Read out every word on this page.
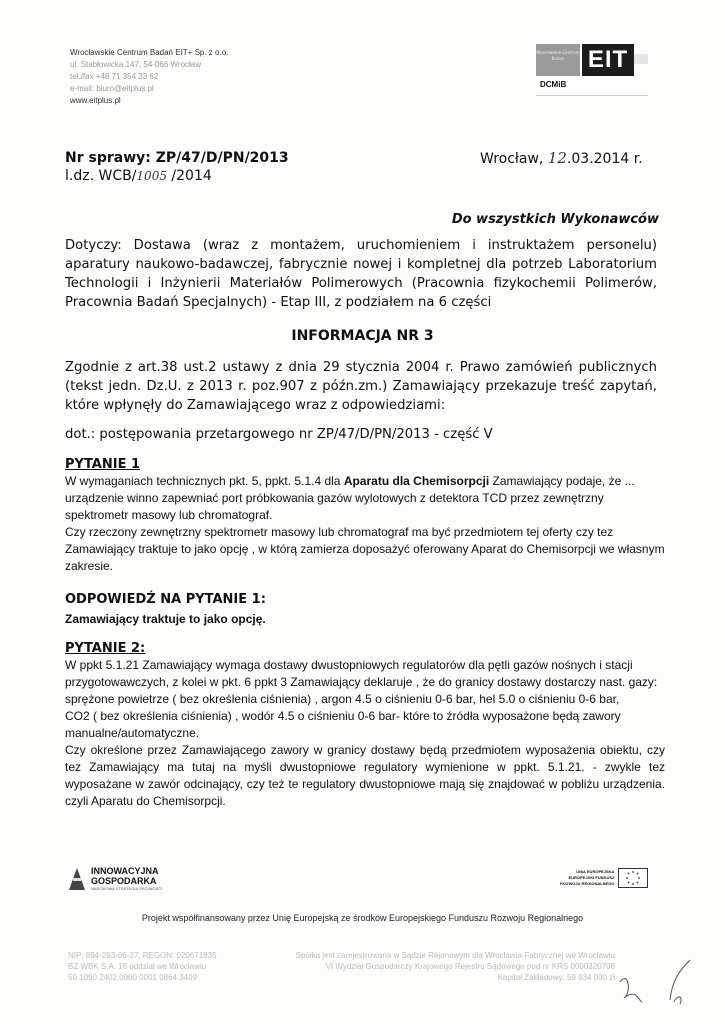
Wrocławskie Centrum Badań EIT+ Sp. z o.o.
ul. Stabłowicka 147, 54-066 Wrocław
tel./fax +48 71 354 33 62
e-mail: biuro@eitplus.pl
www.eitplus.pl
Wrocławskie Centrum Badań EIT
DCMiB
Nr sprawy: ZP/47/D/PN/2013
l.dz. WCB/1005 /2014
Wrocław, 12.03.2014 r.
Do wszystkich Wykonawców
Dotyczy: Dostawa (wraz z montażem, uruchomieniem i instruktażem personelu) aparatury naukowo-badawczej, fabrycznie nowej i kompletnej dla potrzeb Laboratorium Technologii i Inżynierii Materiałów Polimerowych (Pracownia fizykochemii Polimerów, Pracownia Badań Specjalnych) - Etap III, z podziałem na 6 części
INFORMACJA NR 3
Zgodnie z art.38 ust.2 ustawy z dnia 29 stycznia 2004 r. Prawo zamówień publicznych (tekst jedn. Dz.U. z 2013 r. poz.907 z późn.zm.) Zamawiający przekazuje treść zapytań, które wpłynęły do Zamawiającego wraz z odpowiedziami:
dot.: postępowania przetargowego nr ZP/47/D/PN/2013 - część V
PYTANIE 1
W wymaganiach technicznych pkt. 5, ppkt. 5.1.4 dla Aparatu dla Chemisorpcji Zamawiający podaje, że ... urządzenie winno zapewniać port próbkowania gazów wylotowych z detektora TCD przez zewnętrzny spektrometr masowy lub chromatograf.
Czy rzeczony zewnętrzny spektrometr masowy lub chromatograf ma być przedmiotem tej oferty czy tez Zamawiający traktuje to jako opcję , w którą zamierza doposażyć oferowany Aparat do Chemisorpcji we własnym zakresie.
ODPOWIEDŹ NA PYTANIE 1:
Zamawiający traktuje to jako opcję.
PYTANIE 2:
W ppkt 5.1.21 Zamawiający wymaga dostawy dwustopniowych regulatorów dla pętli gazów nośnych i stacji przygotowawczych, z kolei w pkt. 6 ppkt 3 Zamawiający deklaruje , że do granicy dostawy dostarczy nast. gazy:
sprężone powietrze ( bez określenia ciśnienia) , argon 4.5 o ciśnieniu 0-6 bar, hel 5.0 o ciśnieniu 0-6 bar,
CO2 ( bez określenia ciśnienia) , wodór 4.5 o ciśnieniu 0-6 bar- które to źródła wyposażone będą zawory manualne/automatyczne.
Czy określone przez Zamawiającego zawory w granicy dostawy będą przedmiotem wyposażenia obiektu, czy tez Zamawiający ma tutaj na myśli dwustopniowe regulatory wymienione w ppkt. 5.1.21. - zwykle tez wyposażane w zawór odcinający, czy też te regulatory dwustopniowe mają się znajdować w pobliżu urządzenia. czyli Aparatu do Chemisorpcji.
INNOWACYJNA
GOSPODARKA
NARODOWA STRATEGIA SPÓJNOŚCI
UNIA EUROPEJSKA
EUROPEJSKI FUNDUSZ
ROZWOJU REGIONALNEGO
Projekt współfinansowany przez Unię Europejską ze środków Europejskiego Funduszu Rozwoju Regionalnego
NIP: 894-293-06-27, REGON: 020671835
BZ WBK S.A. 16 oddział we Wrocławiu
50 1090 2402 0000 0001 0864 3409
Spółka jest zarejestrowana w Sądzie Rejonowym dla Wrocławia-Fabrycznej we Wrocławiu
VI Wydział Gospodarczy Krajowego Rejestru Sądowego pod nr KRS 0000320706
Kapitał Zakładowy: 59 934 000 zł
